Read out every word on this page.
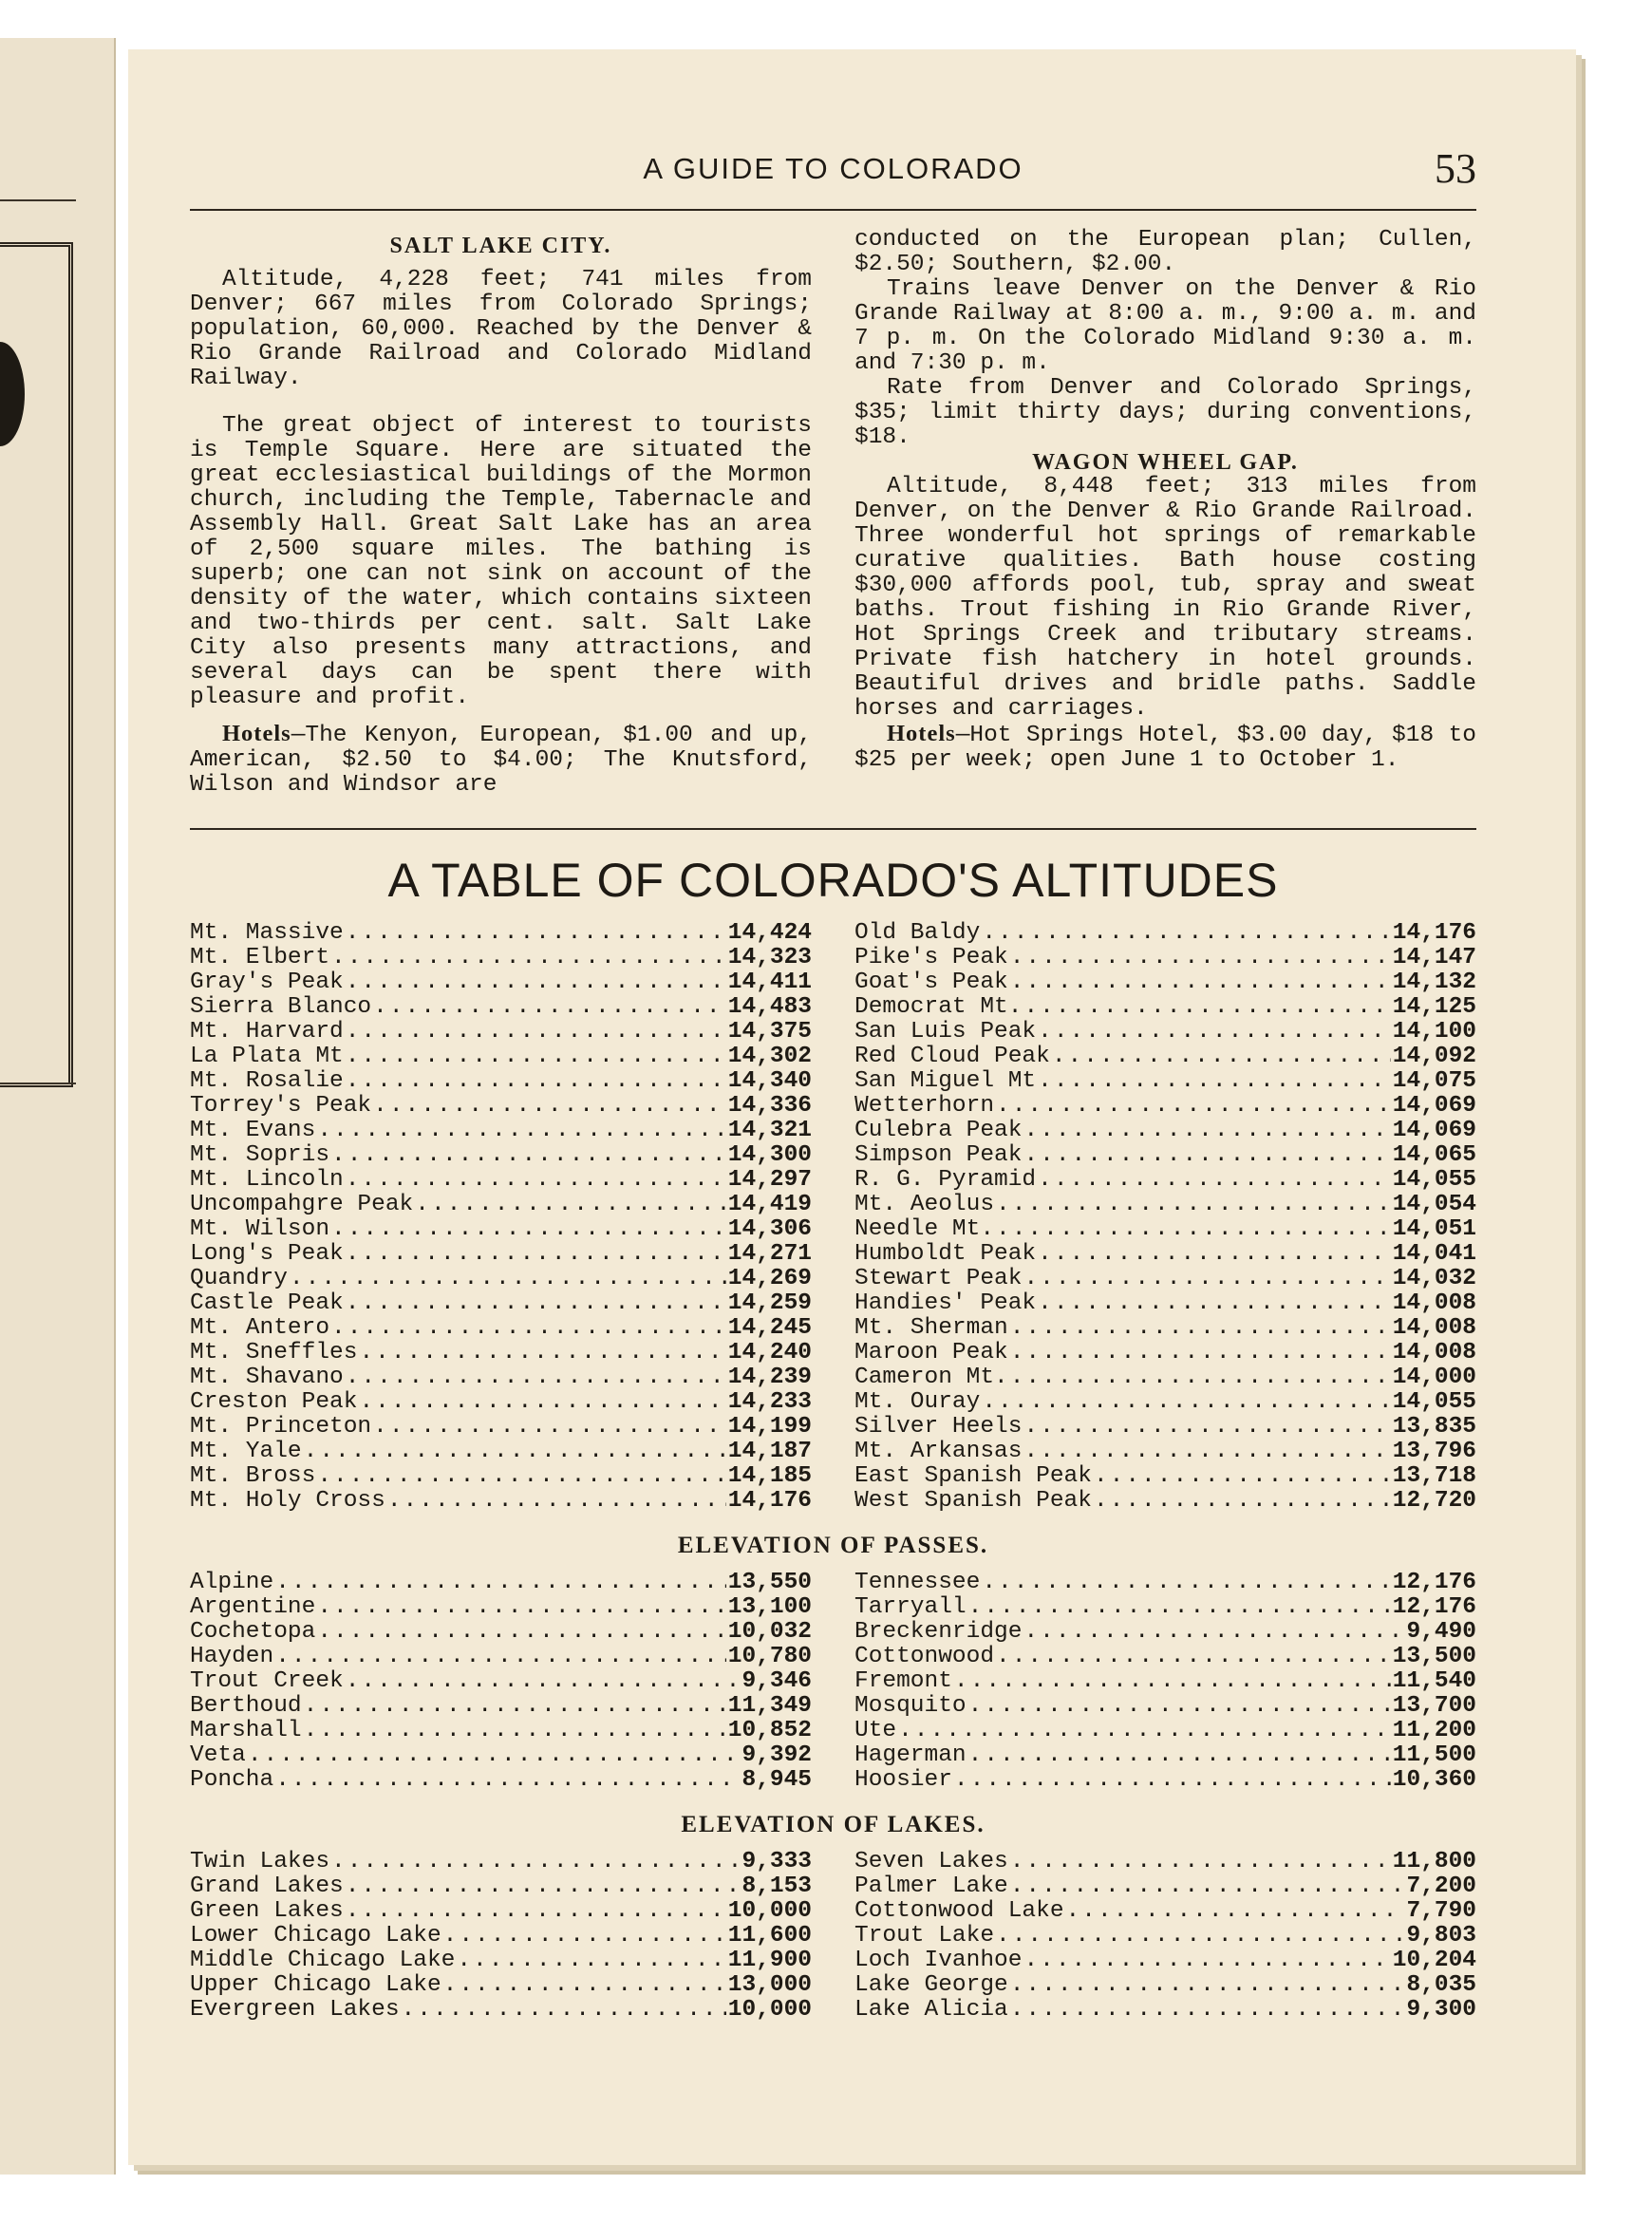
A GUIDE TO COLORADO	53
SALT LAKE CITY.

Altitude, 4,228 feet; 741 miles from Denver; 667 miles from Colorado Springs; population, 60,000. Reached by the Denver & Rio Grande Railroad and Colorado Midland Railway.

The great object of interest to tourists is Temple Square. Here are situated the great ecclesiastical buildings of the Mormon church, including the Temple, Tabernacle and Assembly Hall. Great Salt Lake has an area of 2,500 square miles. The bathing is superb; one can not sink on account of the density of the water, which contains sixteen and two-thirds per cent. salt. Salt Lake City also presents many attractions, and several days can be spent there with pleasure and profit.

Hotels—The Kenyon, European, $1.00 and up, American, $2.50 to $4.00; The Knutsford, Wilson and Windsor are

conducted on the European plan; Cullen, $2.50; Southern, $2.00.

Trains leave Denver on the Denver & Rio Grande Railway at 8:00 a. m., 9:00 a. m. and 7 p. m. On the Colorado Midland 9:30 a. m. and 7:30 p. m.

Rate from Denver and Colorado Springs, $35; limit thirty days; during conventions, $18.

WAGON WHEEL GAP.

Altitude, 8,448 feet; 313 miles from Denver, on the Denver & Rio Grande Railroad. Three wonderful hot springs of remarkable curative qualities. Bath house costing $30,000 affords pool, tub, spray and sweat baths. Trout fishing in Rio Grande River, Hot Springs Creek and tributary streams. Private fish hatchery in hotel grounds. Beautiful drives and bridle paths. Saddle horses and carriages.

Hotels—Hot Springs Hotel, $3.00 day, $18 to $25 per week; open June 1 to October 1.

A TABLE OF COLORADO'S ALTITUDES
Mt. Massive .....	14,424
Mt. Elbert .....	14,323
Gray's Peak .....	14,411
Sierra Blanco .....	14,483
Mt. Harvard .....	14,375
La Plata Mt .....	14,302
Mt. Rosalie .....	14,340
Torrey's Peak .....	14,336
Mt. Evans .....	14,321
Mt. Sopris .....	14,300
Mt. Lincoln .....	14,297
Uncompahgre Peak .....	14,419
Mt. Wilson .....	14,306
Long's Peak .....	14,271
Quandry .....	14,269
Castle Peak .....	14,259
Mt. Antero .....	14,245
Mt. Sneffles .....	14,240
Mt. Shavano .....	14,239
Creston Peak .....	14,233
Mt. Princeton .....	14,199
Mt. Yale .....	14,187
Mt. Bross .....	14,185
Mt. Holy Cross .....	14,176
Old Baldy .....	14,176
Pike's Peak .....	14,147
Goat's Peak .....	14,132
Democrat Mt. .....	14,125
San Luis Peak .....	14,100
Red Cloud Peak .....	14,092
San Miguel Mt .....	14,075
Wetterhorn .....	14,069
Culebra Peak .....	14,069
Simpson Peak .....	14,065
R. G. Pyramid .....	14,055
Mt. Aeolus .....	14,054
Needle Mt. .....	14,051
Humboldt Peak .....	14,041
Stewart Peak .....	14,032
Handies' Peak .....	14,008
Mt. Sherman .....	14,008
Maroon Peak .....	14,008
Cameron Mt. .....	14,000
Mt. Ouray .....	14,055
Silver Heels .....	13,835
Mt. Arkansas .....	13,796
East Spanish Peak .....	13,718
West Spanish Peak .....	12,720
ELEVATION OF PASSES.
Alpine .....	13,550
Argentine .....	13,100
Cochetopa .....	10,032
Hayden .....	10,780
Trout Creek .....	9,346
Berthoud .....	11,349
Marshall .....	10,852
Veta .....	9,392
Poncha .....	8,945
Tennessee .....	12,176
Tarryall .....	12,176
Breckenridge .....	9,490
Cottonwood .....	13,500
Fremont .....	11,540
Mosquito .....	13,700
Ute .....	11,200
Hagerman .....	11,500
Hoosier .....	10,360
ELEVATION OF LAKES.
Twin Lakes .....	9,333
Grand Lakes .....	8,153
Green Lakes .....	10,000
Lower Chicago Lake .....	11,600
Middle Chicago Lake .....	11,900
Upper Chicago Lake .....	13,000
Evergreen Lakes .....	10,000
Seven Lakes .....	11,800
Palmer Lake .....	7,200
Cottonwood Lake .....	7,790
Trout Lake .....	9,803
Loch Ivanhoe .....	10,204
Lake George .....	8,035
Lake Alicia .....	9,300
